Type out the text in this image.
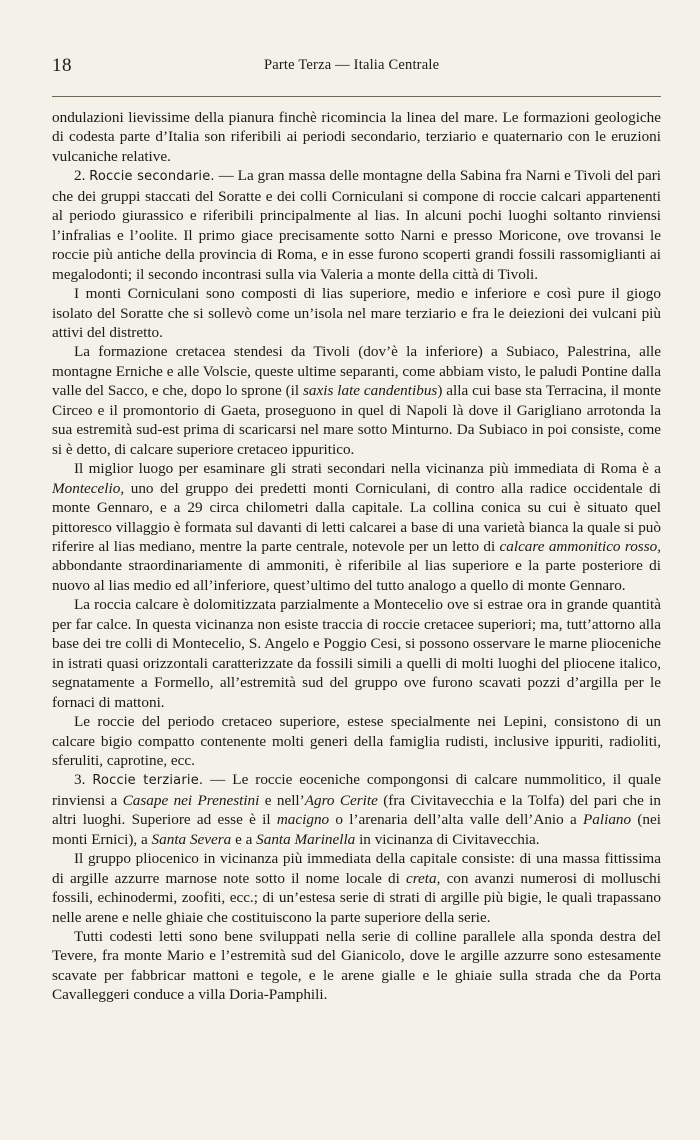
18	Parte Terza — Italia Centrale

ondulazioni lievissime della pianura finchè ricomincia la linea del mare. Le formazioni geologiche di codesta parte d’Italia son riferibili ai periodi secondario, terziario e quaternario con le eruzioni vulcaniche relative.

2. Roccie secondarie. — La gran massa delle montagne della Sabina fra Narni e Tivoli del pari che dei gruppi staccati del Soratte e dei colli Corniculani si compone di roccie calcari appartenenti al periodo giurassico e riferibili principalmente al lias. In alcuni pochi luoghi soltanto rinviensi l’infralias e l’oolite. Il primo giace precisamente sotto Narni e presso Moricone, ove trovansi le roccie più antiche della provincia di Roma, e in esse furono scoperti grandi fossili rassomiglianti ai megalodonti; il secondo incontrasi sulla via Valeria a monte della città di Tivoli.

I monti Corniculani sono composti di lias superiore, medio e inferiore e così pure il giogo isolato del Soratte che si sollevò come un’isola nel mare terziario e fra le deiezioni dei vulcani più attivi del distretto.

La formazione cretacea stendesi da Tivoli (dov’è la inferiore) a Subiaco, Palestrina, alle montagne Erniche e alle Volscie, queste ultime separanti, come abbiam visto, le paludi Pontine dalla valle del Sacco, e che, dopo lo sprone (il saxis late candentibus) alla cui base sta Terracina, il monte Circeo e il promontorio di Gaeta, proseguono in quel di Napoli là dove il Garigliano arrotonda la sua estremità sud-est prima di scaricarsi nel mare sotto Minturno. Da Subiaco in poi consiste, come si è detto, di calcare superiore cretaceo ippuritico.

Il miglior luogo per esaminare gli strati secondari nella vicinanza più immediata di Roma è a Montecelio, uno del gruppo dei predetti monti Corniculani, di contro alla radice occidentale di monte Gennaro, e a 29 circa chilometri dalla capitale. La collina conica su cui è situato quel pittoresco villaggio è formata sul davanti di letti calcarei a base di una varietà bianca la quale si può riferire al lias mediano, mentre la parte centrale, notevole per un letto di calcare ammonitico rosso, abbondante straordinariamente di ammoniti, è riferibile al lias superiore e la parte posteriore di nuovo al lias medio ed all’inferiore, quest’ultimo del tutto analogo a quello di monte Gennaro.

La roccia calcare è dolomitizzata parzialmente a Montecelio ove si estrae ora in grande quantità per far calce. In questa vicinanza non esiste traccia di roccie cretacee superiori; ma, tutt’attorno alla base dei tre colli di Montecelio, S. Angelo e Poggio Cesi, si possono osservare le marne plioceniche in istrati quasi orizzontali caratterizzate da fossili simili a quelli di molti luoghi del pliocene italico, segnatamente a Formello, all’estremità sud del gruppo ove furono scavati pozzi d’argilla per le fornaci di mattoni.

Le roccie del periodo cretaceo superiore, estese specialmente nei Lepini, consistono di un calcare bigio compatto contenente molti generi della famiglia rudisti, inclusive ippuriti, radioliti, sferuliti, caprotine, ecc.

3. Roccie terziarie. — Le roccie eoceniche compongonsi di calcare nummolitico, il quale rinviensi a Casape nei Prenestini e nell’Agro Cerite (fra Civitavecchia e la Tolfa) del pari che in altri luoghi. Superiore ad esse è il macigno o l’arenaria dell’alta valle dell’Anio a Paliano (nei monti Ernici), a Santa Severa e a Santa Marinella in vicinanza di Civitavecchia.

Il gruppo pliocenico in vicinanza più immediata della capitale consiste: di una massa fittissima di argille azzurre marnose note sotto il nome locale di creta, con avanzi numerosi di molluschi fossili, echinodermi, zoofiti, ecc.; di un’estesa serie di strati di argille più bigie, le quali trapassano nelle arene e nelle ghiaie che costituiscono la parte superiore della serie.

Tutti codesti letti sono bene sviluppati nella serie di colline parallele alla sponda destra del Tevere, fra monte Mario e l’estremità sud del Gianicolo, dove le argille azzurre sono estesamente scavate per fabbricar mattoni e tegole, e le arene gialle e le ghiaie sulla strada che da Porta Cavalleggeri conduce a villa Doria-Pamphili.
